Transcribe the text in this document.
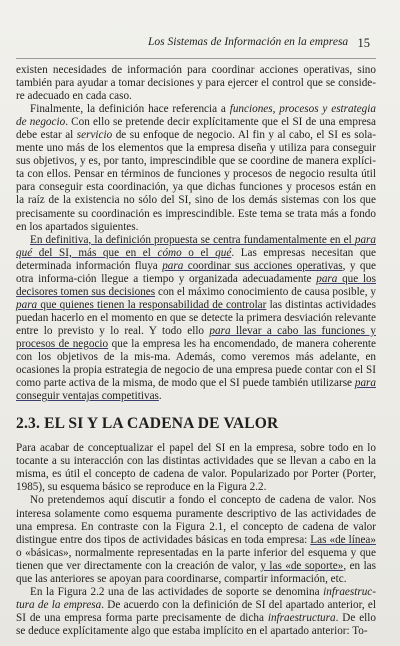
Los Sistemas de Información en la empresa 15

existen necesidades de información para coordinar acciones operativas, sino también para ayudar a tomar decisiones y para ejercer el control que se conside-re adecuado en cada caso.

Finalmente, la definición hace referencia a funciones, procesos y estrategia de negocio. Con ello se pretende decir explícitamente que el SI de una empresa debe estar al servicio de su enfoque de negocio. Al fin y al cabo, el SI es sola-mente uno más de los elementos que la empresa diseña y utiliza para conseguir sus objetivos, y es, por tanto, imprescindible que se coordine de manera explíci-ta con ellos. Pensar en términos de funciones y procesos de negocio resulta útil para conseguir esta coordinación, ya que dichas funciones y procesos están en la raíz de la existencia no sólo del SI, sino de los demás sistemas con los que precisamente su coordinación es imprescindible. Este tema se trata más a fondo en los apartados siguientes.

En definitiva, la definición propuesta se centra fundamentalmente en el para qué del SI, más que en el cómo o el qué. Las empresas necesitan que determinada información fluya para coordinar sus acciones operativas, y que otra informa-ción llegue a tiempo y organizada adecuadamente para que los decisores tomen sus decisiones con el máximo conocimiento de causa posible, y para que quienes tienen la responsabilidad de controlar las distintas actividades puedan hacerlo en el momento en que se detecte la primera desviación relevante entre lo previsto y lo real. Y todo ello para llevar a cabo las funciones y procesos de negocio que la empresa les ha encomendado, de manera coherente con los objetivos de la mis-ma. Además, como veremos más adelante, en ocasiones la propia estrategia de negocio de una empresa puede contar con el SI como parte activa de la misma, de modo que el SI puede también utilizarse para conseguir ventajas competitivas.

2.3. EL SI Y LA CADENA DE VALOR

Para acabar de conceptualizar el papel del SI en la empresa, sobre todo en lo tocante a su interacción con las distintas actividades que se llevan a cabo en la misma, es útil el concepto de cadena de valor. Popularizado por Porter (Porter, 1985), su esquema básico se reproduce en la Figura 2.2.

No pretendemos aquí discutir a fondo el concepto de cadena de valor. Nos interesa solamente como esquema puramente descriptivo de las actividades de una empresa. En contraste con la Figura 2.1, el concepto de cadena de valor distingue entre dos tipos de actividades básicas en toda empresa: Las «de línea» o «básicas», normalmente representadas en la parte inferior del esquema y que tienen que ver directamente con la creación de valor, y las «de soporte», en las que las anteriores se apoyan para coordinarse, compartir información, etc.

En la Figura 2.2 una de las actividades de soporte se denomina infraestruc-tura de la empresa. De acuerdo con la definición de SI del apartado anterior, el SI de una empresa forma parte precisamente de dicha infraestructura. De ello se deduce explícitamente algo que estaba implícito en el apartado anterior: To-
